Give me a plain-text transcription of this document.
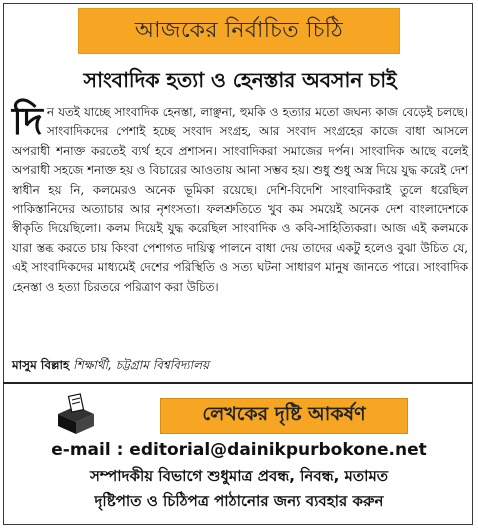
আজকের নির্বাচিত চিঠি
সাংবাদিক হত্যা ও হেনস্তার অবসান চাই
দিন যতই যাচ্ছে সাংবাদিক হেনস্তা, লাঞ্ছনা, হুমকি ও হত্যার মতো জঘন্য কাজ বেড়েই চলছে। সাংবাদিকদের পেশাই হচ্ছে সংবাদ সংগ্রহ, আর সংবাদ সংগ্রহের কাজে বাধা আসলে অপরাধী শনাক্ত করতেই ব্যর্থ হবে প্রশাসন। সাংবাদিকরা সমাজের দর্পন। সাংবাদিক আছে বলেই অপরাধী সহজে শনাক্ত হয় ও বিচারের আওতায় আনা সম্ভব হয়। শুধু শুধু অস্ত্র দিয়ে যুদ্ধ করেই দেশ স্বাধীন হয় নি, কলমেরও অনেক ভূমিকা রয়েছে। দেশি-বিদেশি সাংবাদিকরাই তুলে ধরেছিল পাকিস্তানিদের অত্যাচার আর নৃশংসতা। ফলশ্রুতিতে খুব কম সময়েই অনেক দেশ বাংলাদেশকে স্বীকৃতি দিয়েছিলো। কলম দিয়েই যুদ্ধ করেছিল সাংবাদিক ও কবি-সাহিত্যিকরা। আজ এই কলমকে যারা স্তব্ধ করতে চায় কিংবা পেশাগত দায়িত্ব পালনে বাধা দেয় তাদের একটু হলেও বুঝা উচিত যে, এই সাংবাদিকদের মাধ্যমেই দেশের পরিস্থিতি ও সত্য ঘটনা সাধারণ মানুষ জানতে পারে। সাংবাদিক হেনস্তা ও হত্যা চিরতরে পরিত্রাণ করা উচিত।
মাসুম বিল্লাহ শিক্ষার্থী, চট্টগ্রাম বিশ্ববিদ্যালয়
লেখকের দৃষ্টি আকর্ষণ
e-mail : editorial@dainikpurbokone.net
সম্পাদকীয় বিভাগে শুধুমাত্র প্রবন্ধ, নিবন্ধ, মতামত
দৃষ্টিপাত ও চিঠিপত্র পাঠানোর জন্য ব্যবহার করুন
